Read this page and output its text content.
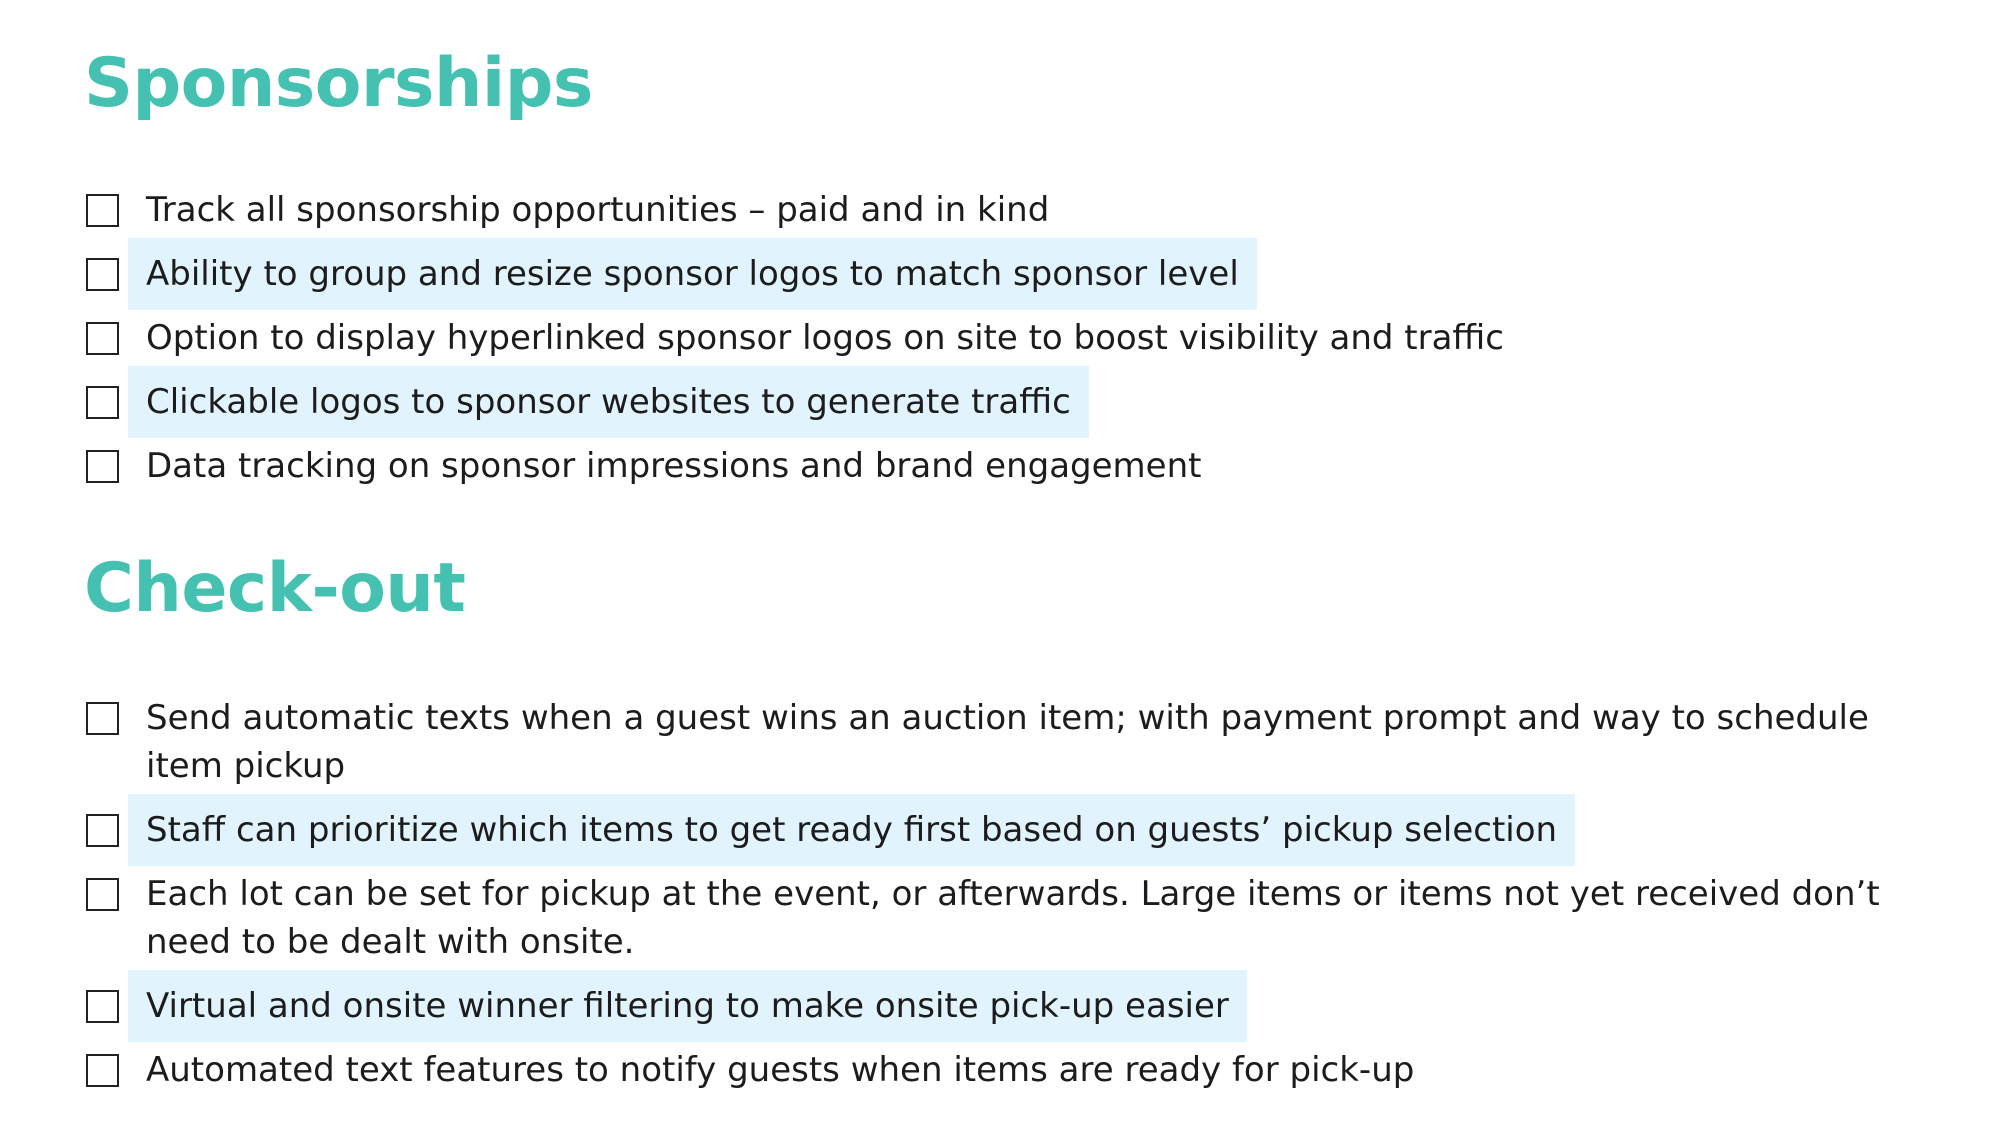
Sponsorships
Track all sponsorship opportunities – paid and in kind
Ability to group and resize sponsor logos to match sponsor level
Option to display hyperlinked sponsor logos on site to boost visibility and traffic
Clickable logos to sponsor websites to generate traffic
Data tracking on sponsor impressions and brand engagement
Check-out
Send automatic texts when a guest wins an auction item; with payment prompt and way to schedule item pickup
Staff can prioritize which items to get ready first based on guests’ pickup selection
Each lot can be set for pickup at the event, or afterwards. Large items or items not yet received don’t need to be dealt with onsite.
Virtual and onsite winner filtering to make onsite pick-up easier
Automated text features to notify guests when items are ready for pick-up
